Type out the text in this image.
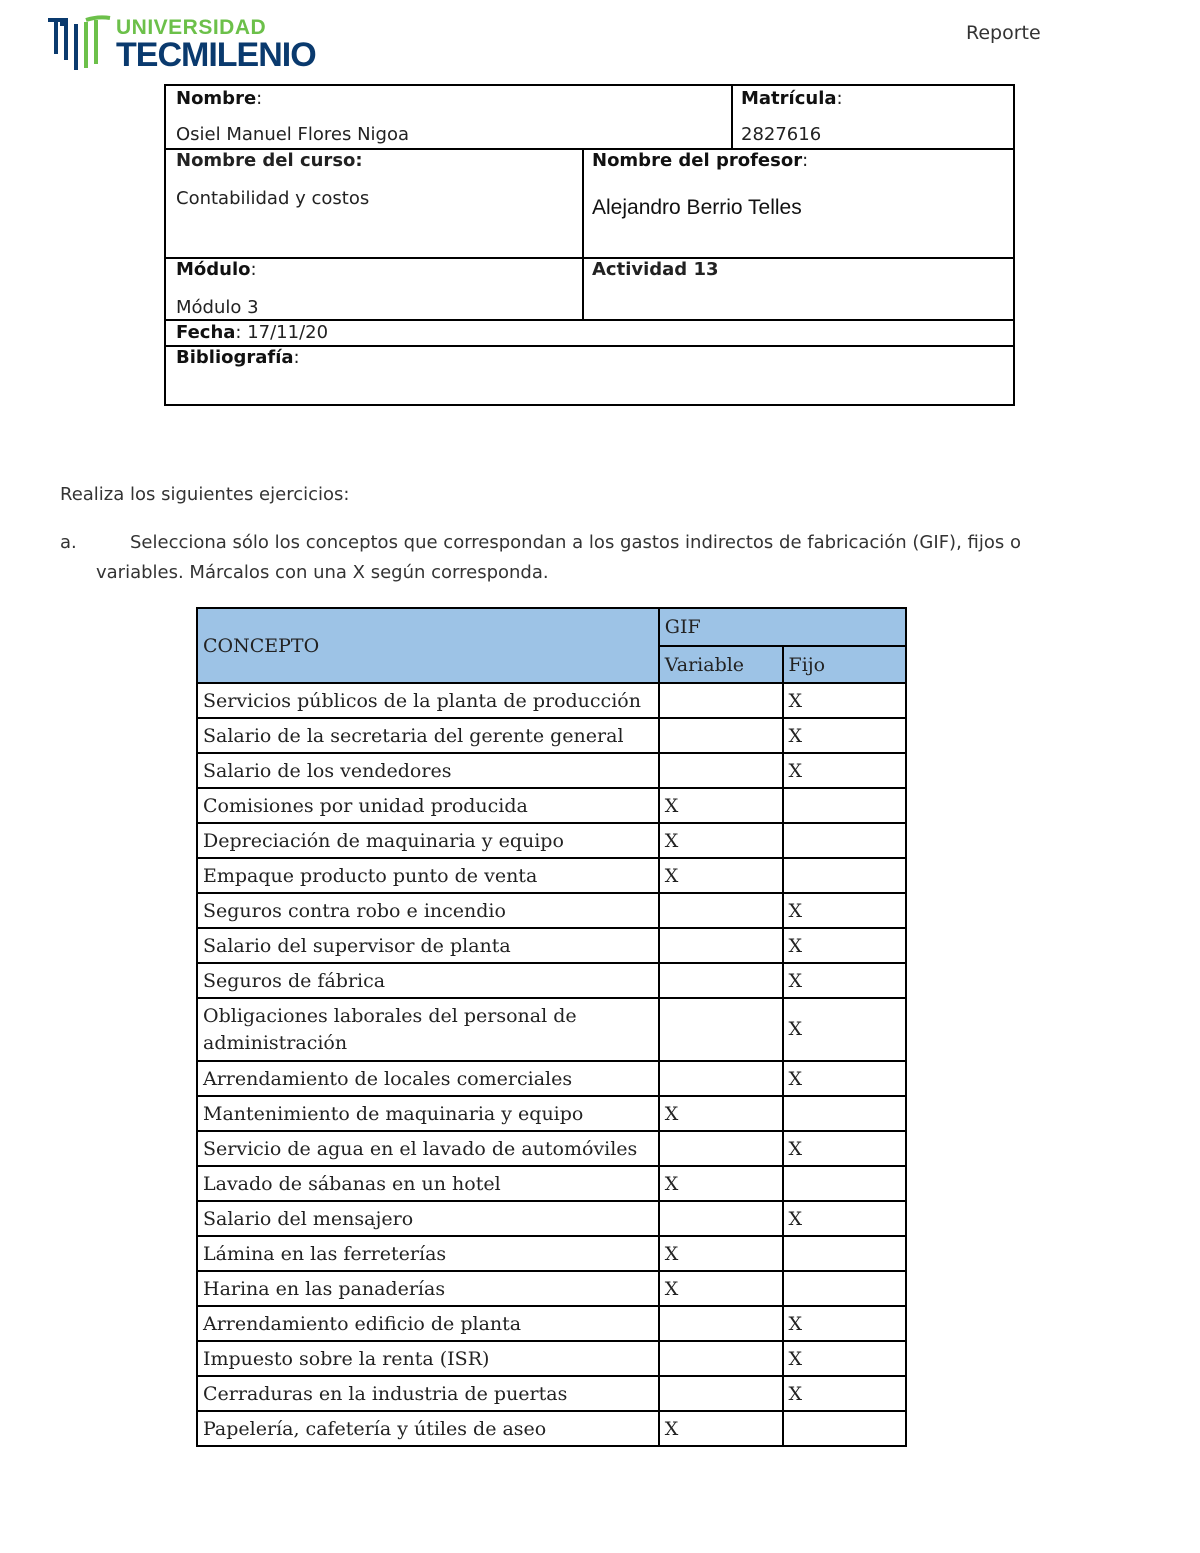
UNIVERSIDAD
TECMILENIO
Reporte
Nombre:
Osiel Manuel Flores Nigoa
Matrícula:
2827616
Nombre del curso:
Contabilidad y costos
Nombre del profesor:
Alejandro Berrio Telles
Módulo:
Módulo 3
Actividad 13
Fecha: 17/11/20
Bibliografía:
Realiza los siguientes ejercicios:
a.	Selecciona sólo los conceptos que correspondan a los gastos indirectos de fabricación (GIF), fijos o variables. Márcalos con una X según corresponda.
CONCEPTO	GIF	
	Variable	Fijo
Servicios públicos de la planta de producción		X
Salario de la secretaria del gerente general		X
Salario de los vendedores		X
Comisiones por unidad producida	X	
Depreciación de maquinaria y equipo	X	
Empaque producto punto de venta	X	
Seguros contra robo e incendio		X
Salario del supervisor de planta		X
Seguros de fábrica		X
Obligaciones laborales del personal de administración		X
Arrendamiento de locales comerciales		X
Mantenimiento de maquinaria y equipo	X	
Servicio de agua en el lavado de automóviles		X
Lavado de sábanas en un hotel	X	
Salario del mensajero		X
Lámina en las ferreterías	X	
Harina en las panaderías	X	
Arrendamiento edificio de planta		X
Impuesto sobre la renta (ISR)		X
Cerraduras en la industria de puertas		X
Papelería, cafetería y útiles de aseo	X	
